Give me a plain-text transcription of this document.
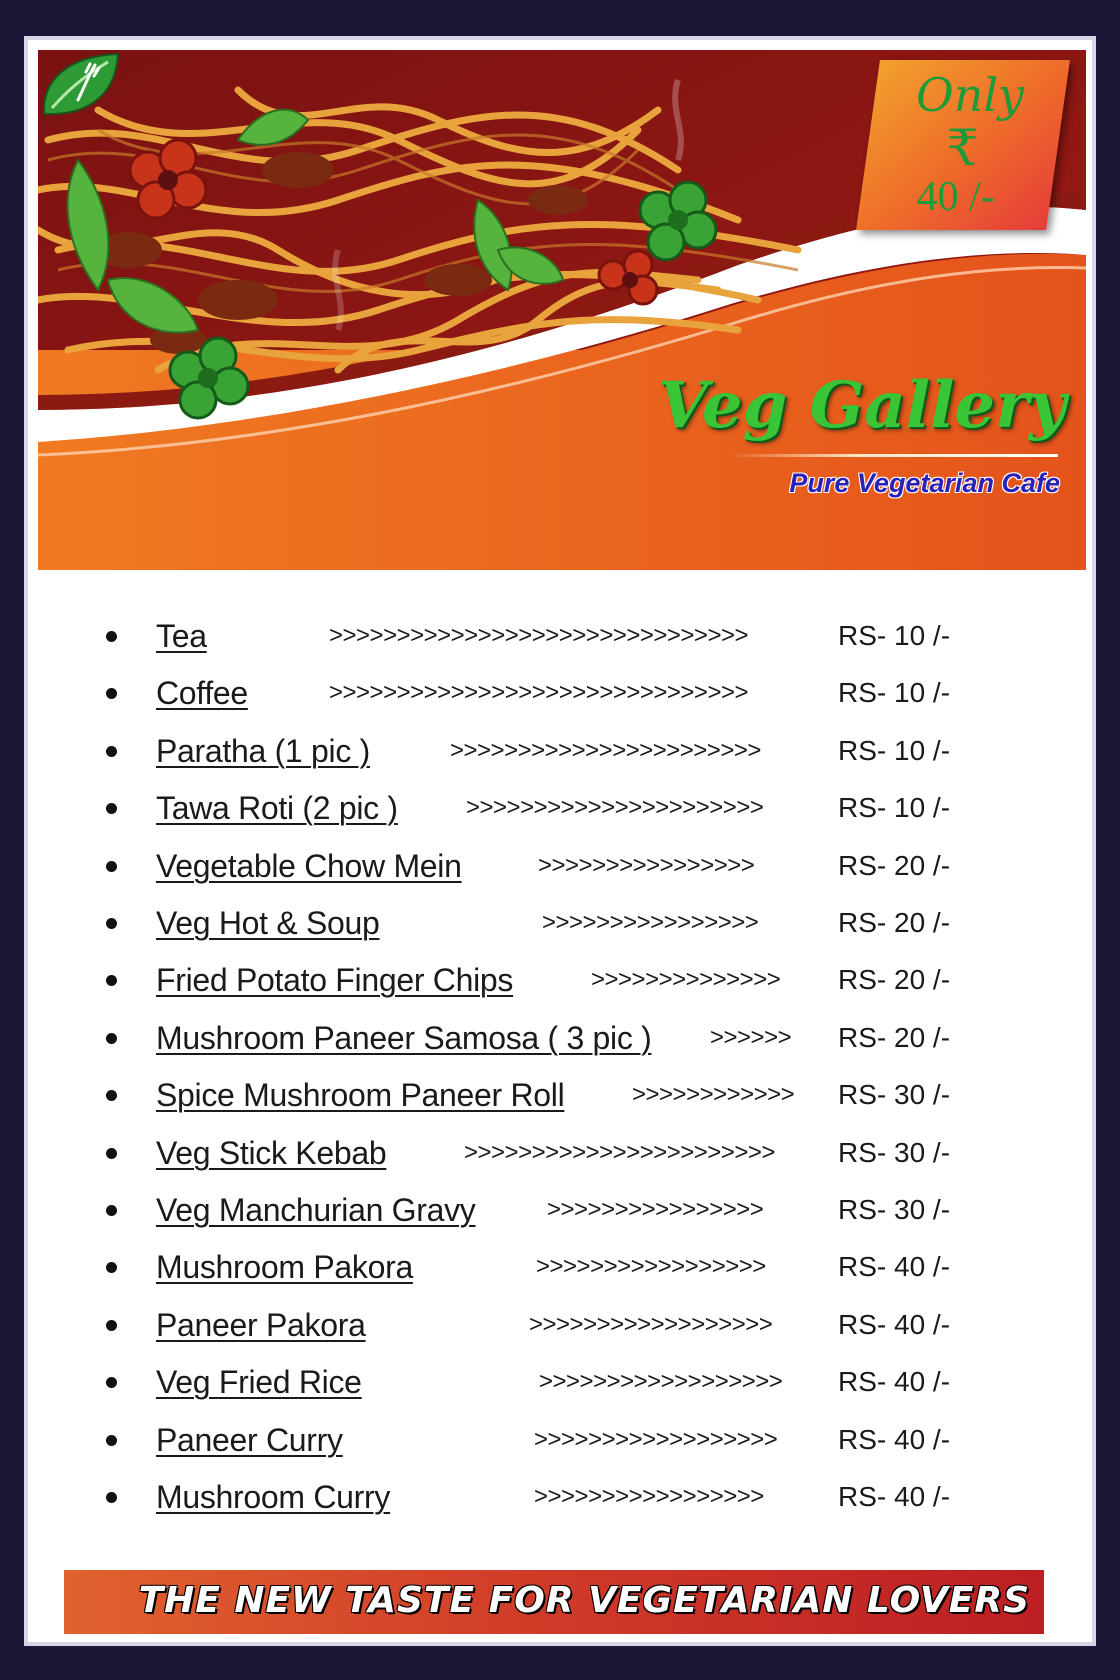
Only
₹
40 /-
Veg Gallery
Pure Vegetarian Cafe
Tea	>>>>>>>>>>>>>>>>>>>>>>>>>>>>>>>	RS- 10 /-
Coffee	>>>>>>>>>>>>>>>>>>>>>>>>>>>>>>>	RS- 10 /-
Paratha (1 pic )	>>>>>>>>>>>>>>>>>>>>>>>	RS- 10 /-
Tawa Roti (2 pic )	>>>>>>>>>>>>>>>>>>>>>>	RS- 10 /-
Vegetable Chow Mein	>>>>>>>>>>>>>>>>	RS- 20 /-
Veg Hot & Soup	>>>>>>>>>>>>>>>>	RS- 20 /-
Fried Potato Finger Chips	>>>>>>>>>>>>>> RS- 20 /-
Mushroom Paneer Samosa ( 3 pic ) >>>>>> RS- 20 /-
Spice Mushroom Paneer Roll	>>>>>>>>>>>> RS- 30 /-
Veg Stick Kebab	>>>>>>>>>>>>>>>>>>>>>>> RS- 30 /-
Veg Manchurian Gravy	>>>>>>>>>>>>>>>>	RS- 30 /-
Mushroom Pakora	>>>>>>>>>>>>>>>>>	RS- 40 /-
Paneer Pakora	>>>>>>>>>>>>>>>>>> RS- 40 /-
Veg Fried Rice	>>>>>>>>>>>>>>>>>> RS- 40 /-
Paneer Curry	>>>>>>>>>>>>>>>>>> RS- 40 /-
Mushroom Curry	>>>>>>>>>>>>>>>>>	RS- 40 /-
THE NEW TASTE FOR VEGETARIAN LOVERS
